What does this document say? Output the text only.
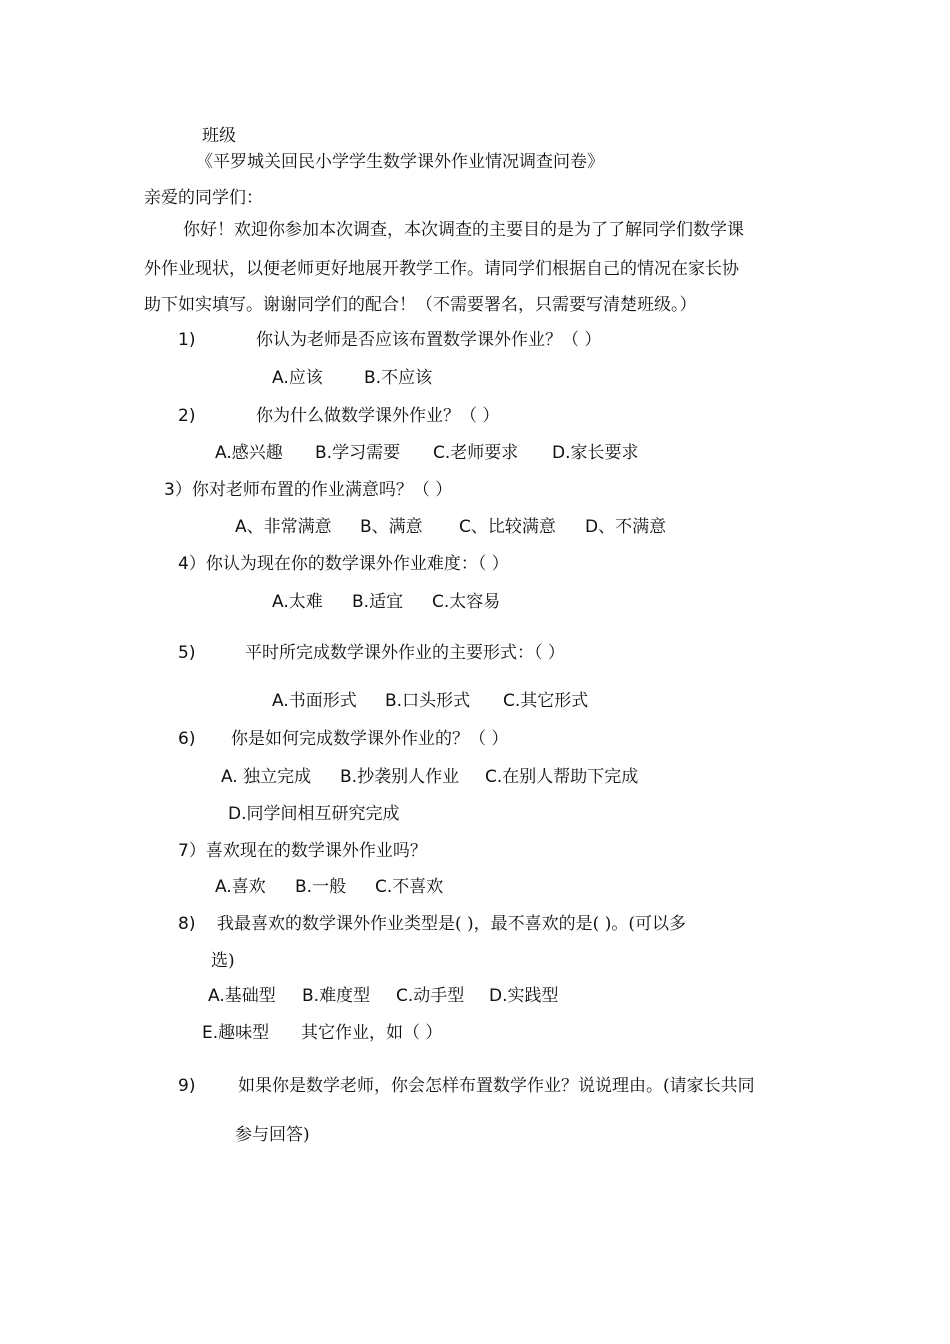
班级
《平罗城关回民小学学生数学课外作业情况调查问卷》
亲爱的同学们：
你好！欢迎你参加本次调查，本次调查的主要目的是为了了解同学们数学课
外作业现状，以便老师更好地展开教学工作。请同学们根据自己的情况在家长协
助下如实填写。谢谢同学们的配合！（不需要署名，只需要写清楚班级。）
1)	你认为老师是否应该布置数学课外作业？（ ）
A.应该 B.不应该
2)	你为什么做数学课外作业？（ ）
A.感兴趣 B.学习需要 C.老师要求 D.家长要求
3）你对老师布置的作业满意吗？（ ）
A、非常满意 B、满意 C、比较满意 D、不满意
4）你认为现在你的数学课外作业难度：（ ）
A.太难 B.适宜 C.太容易
5)	平时所完成数学课外作业的主要形式：（ ）
A.书面形式 B.口头形式 C.其它形式
6) 你是如何完成数学课外作业的？（ ）
A. 独立完成 B.抄袭别人作业 C.在别人帮助下完成
D.同学间相互研究完成
7）喜欢现在的数学课外作业吗？
A.喜欢 B.一般 C.不喜欢
8) 我最喜欢的数学课外作业类型是( )，最不喜欢的是( )。(可以多
选)
A.基础型 B.难度型 C.动手型 D.实践型
E.趣味型 其它作业，如（ ）
9)	如果你是数学老师，你会怎样布置数学作业？说说理由。(请家长共同
参与回答)
